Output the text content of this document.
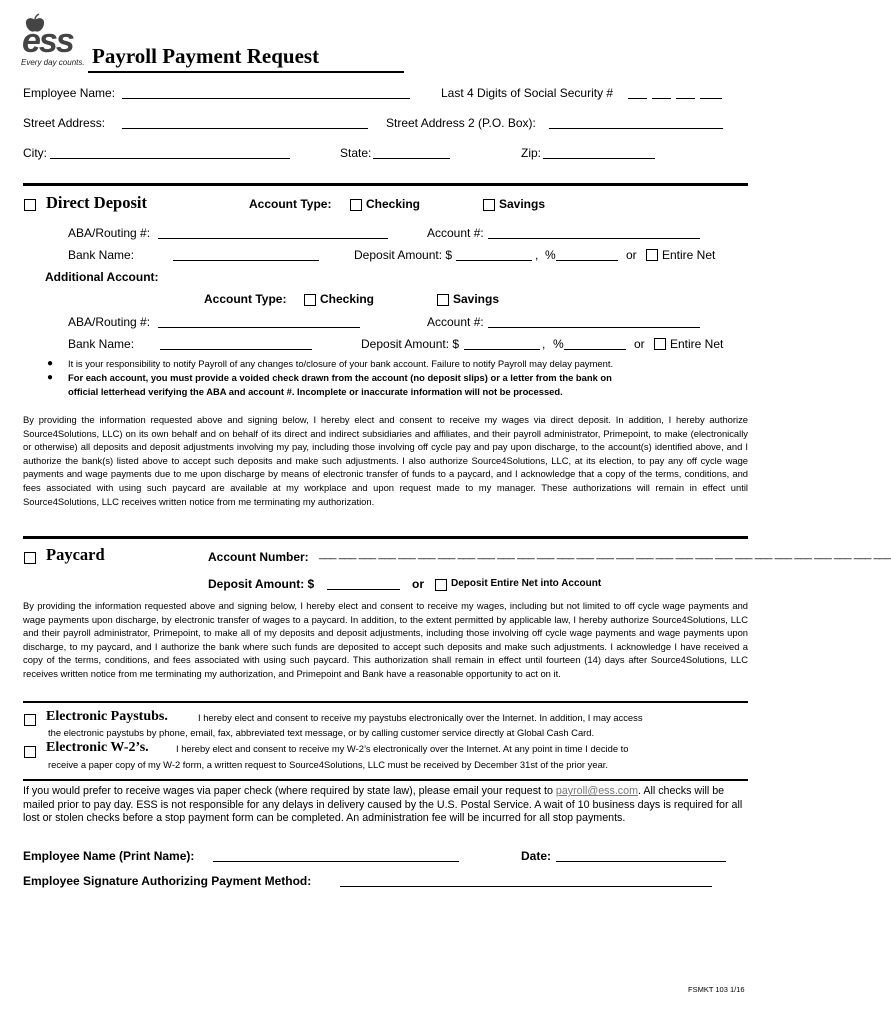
ess
Every day counts. Payroll Payment Request
Employee Name:	Last 4 Digits of Social Security #
Street Address:	Street Address 2 (P.O. Box):
City:	State:	Zip:
Direct Deposit	Account Type:	Checking	Savings
ABA/Routing #:	Account #:
Bank Name:	Deposit Amount: $	, %	or Entire Net
Additional Account:
Account Type:	Checking	Savings
ABA/Routing #:	Account #:
Bank Name:	Deposit Amount: $	, %	or Entire Net
● It is your responsibility to notify Payroll of any changes to/closure of your bank account. Failure to notify Payroll may delay payment.
● For each account, you must provide a voided check drawn from the account (no deposit slips) or a letter from the bank on
official letterhead verifying the ABA and account #. Incomplete or inaccurate information will not be processed.
By providing the information requested above and signing below, I hereby elect and consent to receive my wages via direct deposit. In addition, I hereby authorize Source4Solutions, LLC) on its own behalf and on behalf of its direct and indirect subsidiaries and affiliates, and their payroll administrator, Primepoint, to make (electronically or otherwise) all deposits and deposit adjustments involving my pay, including those involving off cycle pay and pay upon discharge, to the account(s) identified above, and I authorize the bank(s) listed above to accept such deposits and make such adjustments. I also authorize Source4Solutions, LLC, at its election, to pay any off cycle wage payments and wage payments due to me upon discharge by means of electronic transfer of funds to a paycard, and I acknowledge that a copy of the terms, conditions, and fees associated with using such paycard are available at my workplace and upon request made to my manager. These authorizations will remain in effect until Source4Solutions, LLC receives written notice from me terminating my authorization.
Paycard	Account Number: ___ ___ ___ ___ ___ ___ ___ ___ ___ ___ ___ ___ ___ ___ ___ ___ ___ ___ ___ ___ ___ ___ ___ ___ ___ ___ ___ ___ ___
Deposit Amount: $	or	Deposit Entire Net into Account
By providing the information requested above and signing below, I hereby elect and consent to receive my wages, including but not limited to off cycle wage payments and wage payments upon discharge, by electronic transfer of wages to a paycard. In addition, to the extent permitted by applicable law, I hereby authorize Source4Solutions, LLC and their payroll administrator, Primepoint, to make all of my deposits and deposit adjustments, including those involving off cycle wage payments and wage payments upon discharge, to my paycard, and I authorize the bank where such funds are deposited to accept such deposits and make such adjustments. I acknowledge I have received a copy of the terms, conditions, and fees associated with using such paycard. This authorization shall remain in effect until fourteen (14) days after Source4Solutions, LLC receives written notice from me terminating my authorization, and Primepoint and Bank have a reasonable opportunity to act on it.
Electronic Paystubs.	I hereby elect and consent to receive my paystubs electronically over the Internet. In addition, I may access
the electronic paystubs by phone, email, fax, abbreviated text message, or by calling customer service directly at Global Cash Card.
Electronic W-2’s.	I hereby elect and consent to receive my W-2’s electronically over the Internet. At any point in time I decide to
receive a paper copy of my W-2 form, a written request to Source4Solutions, LLC must be received by December 31st of the prior year.
If you would prefer to receive wages via paper check (where required by state law), please email your request to payroll@ess.com. All checks will be mailed prior to pay day. ESS is not responsible for any delays in delivery caused by the U.S. Postal Service. A wait of 10 business days is required for all lost or stolen checks before a stop payment form can be completed. An administration fee will be incurred for all stop payments.
Employee Name (Print Name):	Date:
Employee Signature Authorizing Payment Method:
FSMKT 103 1/16
